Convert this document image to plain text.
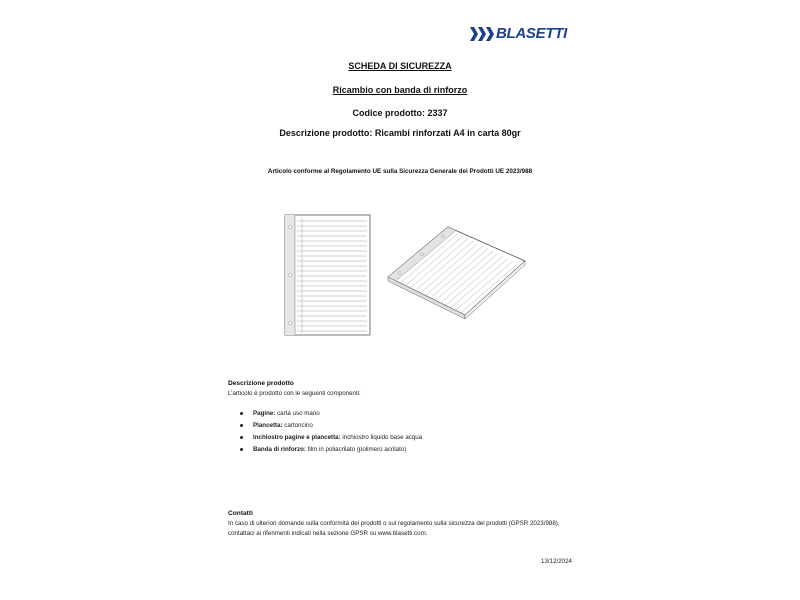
BLASETTI
SCHEDA DI SICUREZZA
Ricambio con banda di rinforzo
Codice prodotto: 2337
Descrizione prodotto: Ricambi rinforzati A4 in carta 80gr
Articolo conforme al Regolamento UE sulla Sicurezza Generale dei Prodotti UE 2023/988
Descrizione prodotto
L’articolo è prodotto con le seguenti componenti:
Pagine: carta uso mano
Plancetta: cartoncino
Inchiostro pagine e plancetta: inchiostro liquido base acqua
Banda di rinforzo: film in poliacrilato (polimero acrilato)
Contatti
In caso di ulteriori domande sulla conformità dei prodotti o sul regolamento sulla sicurezza dei prodotti (GPSR 2023/988), contattaci ai riferimenti indicati nella sezione GPSR su www.blasetti.com.
13/12/2024
